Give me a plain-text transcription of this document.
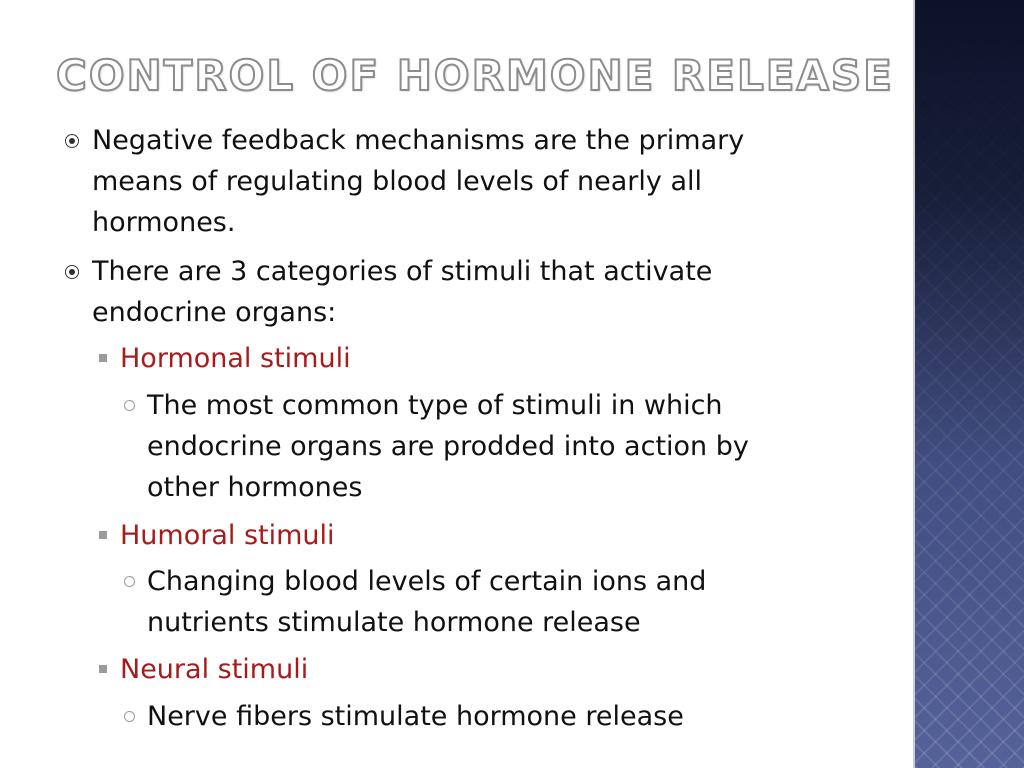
CONTROL OF HORMONE RELEASE
Negative feedback mechanisms are the primary
means of regulating blood levels of nearly all
hormones.
There are 3 categories of stimuli that activate
endocrine organs:
Hormonal stimuli
The most common type of stimuli in which
endocrine organs are prodded into action by
other hormones
Humoral stimuli
Changing blood levels of certain ions and
nutrients stimulate hormone release
Neural stimuli
Nerve fibers stimulate hormone release
